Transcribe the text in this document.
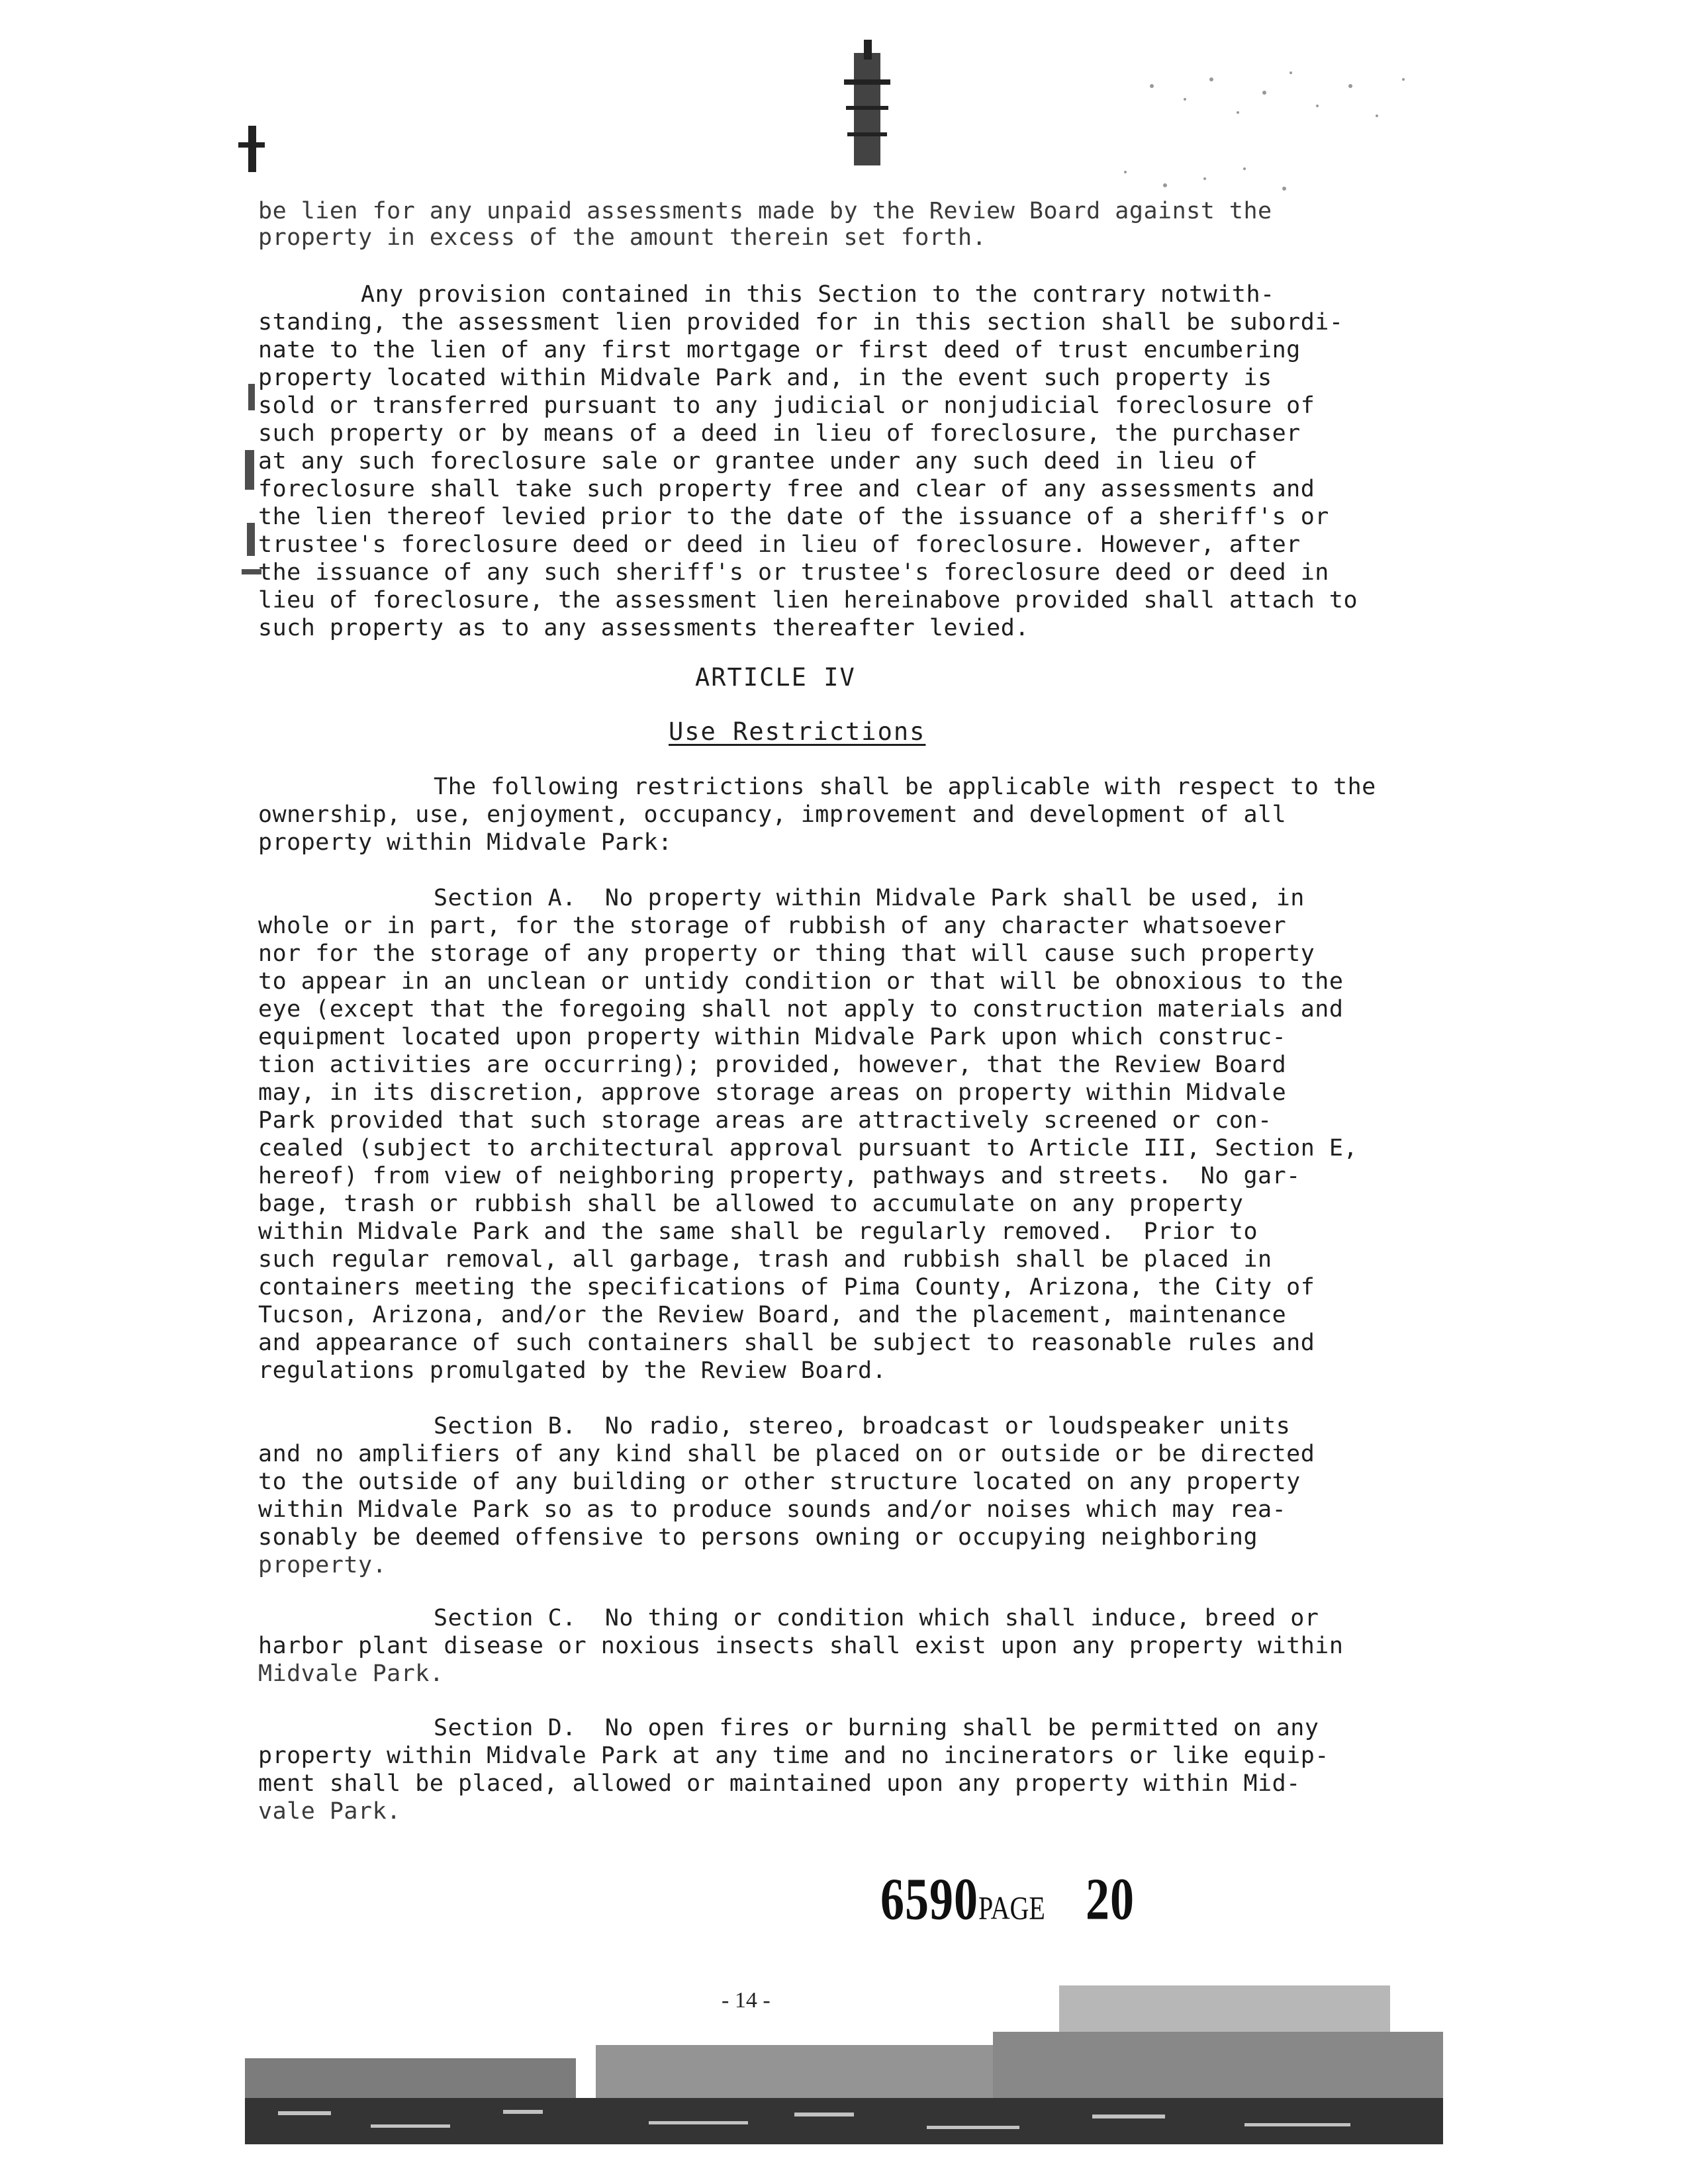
be lien for any unpaid assessments made by the Review Board against the
property in excess of the amount therein set forth.
Any provision contained in this Section to the contrary notwith-
standing, the assessment lien provided for in this section shall be subordi-
nate to the lien of any first mortgage or first deed of trust encumbering
property located within Midvale Park and, in the event such property is
sold or transferred pursuant to any judicial or nonjudicial foreclosure of
such property or by means of a deed in lieu of foreclosure, the purchaser
at any such foreclosure sale or grantee under any such deed in lieu of
foreclosure shall take such property free and clear of any assessments and
the lien thereof levied prior to the date of the issuance of a sheriff's or
trustee's foreclosure deed or deed in lieu of foreclosure. However, after
the issuance of any such sheriff's or trustee's foreclosure deed or deed in
lieu of foreclosure, the assessment lien hereinabove provided shall attach to
such property as to any assessments thereafter levied.
ARTICLE IV
Use Restrictions
The following restrictions shall be applicable with respect to the
ownership, use, enjoyment, occupancy, improvement and development of all
property within Midvale Park:
Section A.  No property within Midvale Park shall be used, in
whole or in part, for the storage of rubbish of any character whatsoever
nor for the storage of any property or thing that will cause such property
to appear in an unclean or untidy condition or that will be obnoxious to the
eye (except that the foregoing shall not apply to construction materials and
equipment located upon property within Midvale Park upon which construc-
tion activities are occurring); provided, however, that the Review Board
may, in its discretion, approve storage areas on property within Midvale
Park provided that such storage areas are attractively screened or con-
cealed (subject to architectural approval pursuant to Article III, Section E,
hereof) from view of neighboring property, pathways and streets.  No gar-
bage, trash or rubbish shall be allowed to accumulate on any property
within Midvale Park and the same shall be regularly removed.  Prior to
such regular removal, all garbage, trash and rubbish shall be placed in
containers meeting the specifications of Pima County, Arizona, the City of
Tucson, Arizona, and/or the Review Board, and the placement, maintenance
and appearance of such containers shall be subject to reasonable rules and
regulations promulgated by the Review Board.
Section B.  No radio, stereo, broadcast or loudspeaker units
and no amplifiers of any kind shall be placed on or outside or be directed
to the outside of any building or other structure located on any property
within Midvale Park so as to produce sounds and/or noises which may rea-
sonably be deemed offensive to persons owning or occupying neighboring
property.
Section C.  No thing or condition which shall induce, breed or
harbor plant disease or noxious insects shall exist upon any property within
Midvale Park.
Section D.  No open fires or burning shall be permitted on any
property within Midvale Park at any time and no incinerators or like equip-
ment shall be placed, allowed or maintained upon any property within Mid-
vale Park.
6590PAGE 20
- 14 -
